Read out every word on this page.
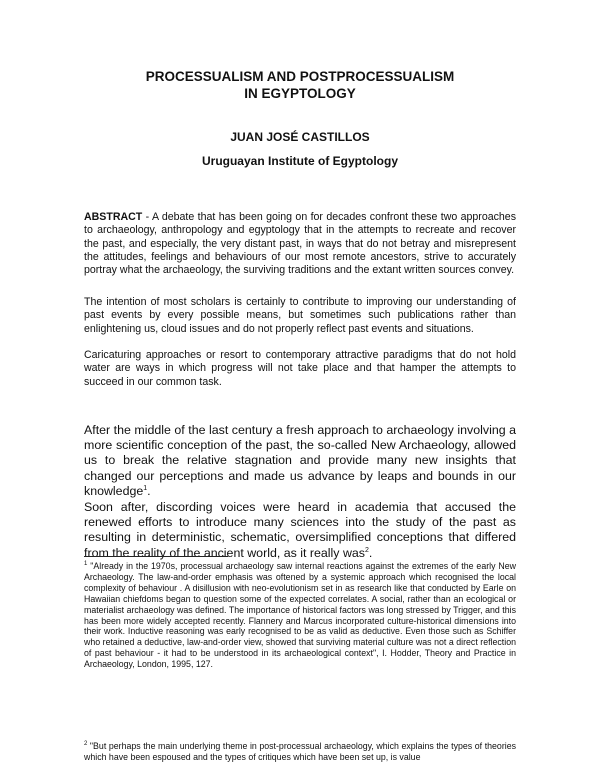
PROCESSUALISM AND POSTPROCESSUALISM
IN EGYPTOLOGY
JUAN JOSÉ CASTILLOS
Uruguayan Institute of Egyptology

ABSTRACT - A debate that has been going on for decades confront these two approaches to archaeology, anthropology and egyptology that in the attempts to recreate and recover the past, and especially, the very distant past, in ways that do not betray and misrepresent the attitudes, feelings and behaviours of our most remote ancestors, strive to accurately portray what the archaeology, the surviving traditions and the extant written sources convey.

The intention of most scholars is certainly to contribute to improving our understanding of past events by every possible means, but sometimes such publications rather than enlightening us, cloud issues and do not properly reflect past events and situations.

Caricaturing approaches or resort to contemporary attractive paradigms that do not hold water are ways in which progress will not take place and that hamper the attempts to succeed in our common task.

After the middle of the last century a fresh approach to archaeology involving a more scientific conception of the past, the so-called New Archaeology, allowed us to break the relative stagnation and provide many new insights that changed our perceptions and made us advance by leaps and bounds in our knowledge$^1$.

Soon after, discording voices were heard in academia that accused the renewed efforts to introduce many sciences into the study of the past as resulting in deterministic, schematic, oversimplified conceptions that differed from the reality of the ancient world, as it really was$^2$.

$^1$ "Already in the 1970s, processual archaeology saw internal reactions against the extremes of the early New Archaeology. The law-and-order emphasis was oftened by a systemic approach which recognised the local complexity of behaviour . A disillusion with neo-evolutionism set in as research like that conducted by Earle on Hawaiian chiefdoms began to question some of the expected correlates. A social, rather than an ecological or materialist archaeology was defined. The importance of historical factors was long stressed by Trigger, and this has been more widely accepted recently. Flannery and Marcus incorporated culture-historical dimensions into their work. Inductive reasoning was early recognised to be as valid as deductive. Even those such as Schiffer who retained a deductive, law-and-order view, showed that surviving material culture was not a direct reflection of past behaviour - it had to be understood in its archaeological context", I. Hodder, Theory and Practice in Archaeology, London, 1995, 127.

$^2$ "But perhaps the main underlying theme in post-processual archaeology, which explains the types of theories which have been espoused and the types of critiques which have been set up, is value
